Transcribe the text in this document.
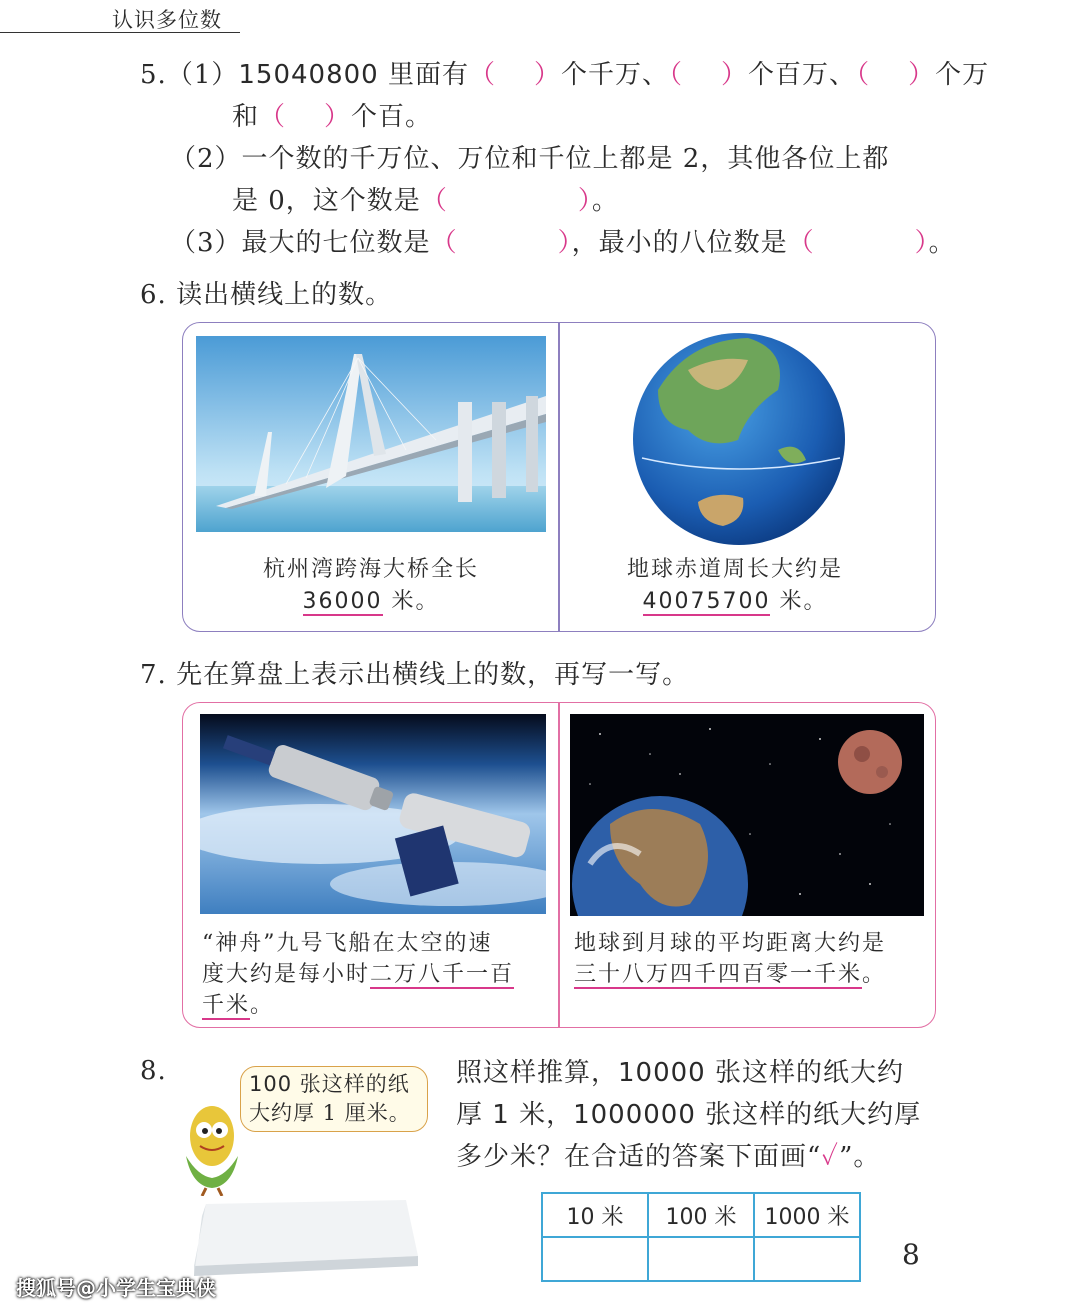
认识多位数
5.（1）15040800 里面有（ ）个千万、（ ）个百万、（ ）个万
和（ ）个百。
（2）一个数的千万位、万位和千位上都是 2，其他各位上都
是 0，这个数是（	）。
（3）最大的七位数是（	），最小的八位数是（	）。
6. 读出横线上的数。
杭州湾跨海大桥全长
36000 米。
地球赤道周长大约是
40075700 米。
7. 先在算盘上表示出横线上的数，再写一写。
“神舟”九号飞船在太空的速
度大约是每小时二万八千一百
千米。
地球到月球的平均距离大约是
三十八万四千四百零一千米。
8.	100 张这样的纸
大约厚 1 厘米。
照这样推算，10000 张这样的纸大约
厚 1 米，1000000 张这样的纸大约厚
多少米？在合适的答案下面画“✓”。
10 米	100 米	1000 米

8
搜狐号@小学生宝典侠
